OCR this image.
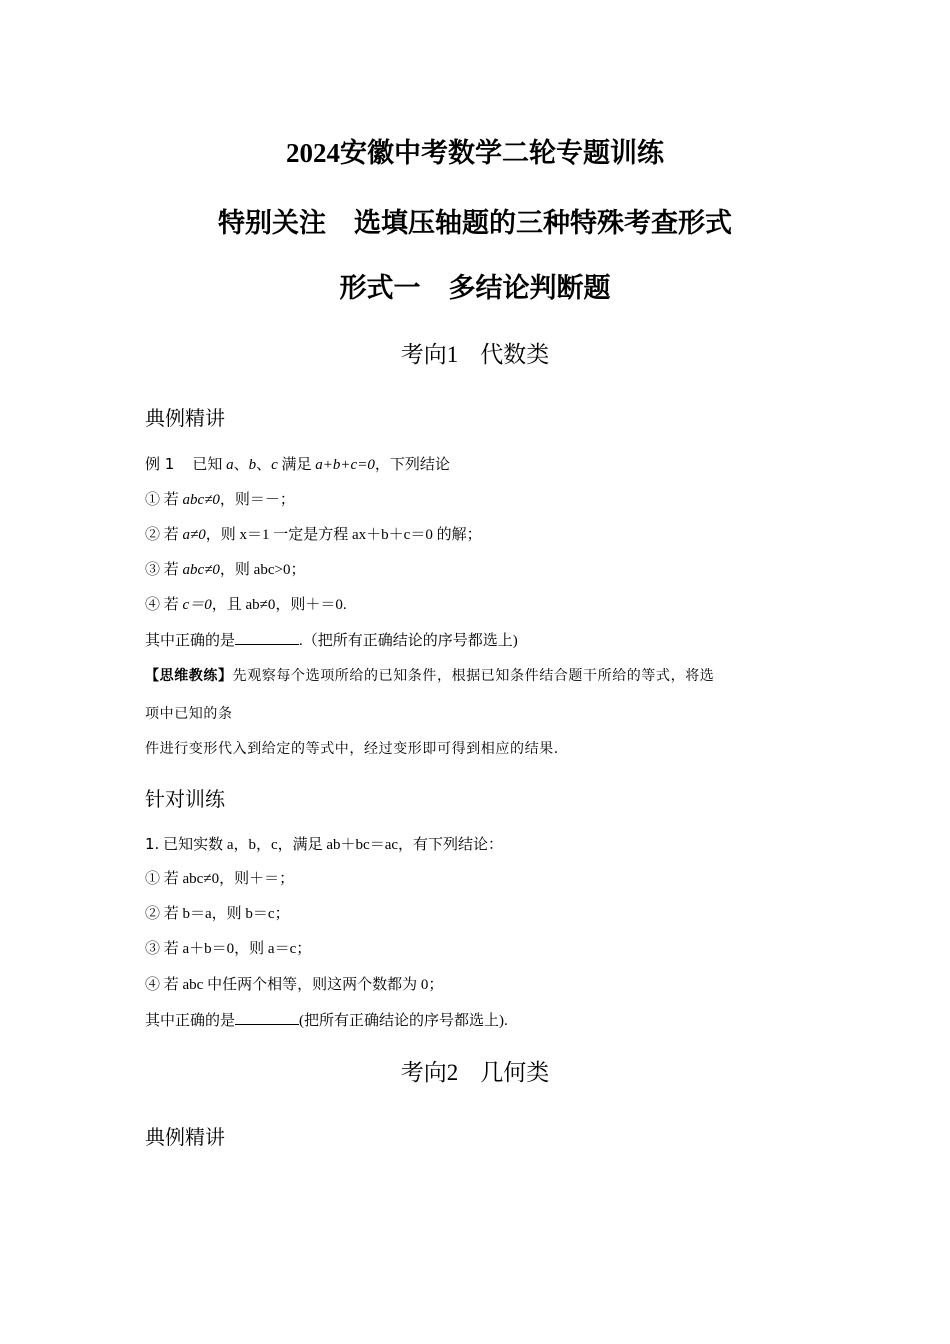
2024安徽中考数学二轮专题训练
特别关注 选填压轴题的三种特殊考查形式
形式一 多结论判断题
考向1 代数类
典例精讲
例 1 已知 a、b、c 满足 a+b+c=0，下列结论
① 若 abc≠0，则＝－；
② 若 a≠0，则 x＝1 一定是方程 ax＋b＋c＝0 的解；
③ 若 abc≠0，则 abc>0；
④ 若 c＝0，且 ab≠0，则＋＝0.
其中正确的是	.（把所有正确结论的序号都选上)
【思维教练】先观察每个选项所给的已知条件，根据已知条件结合题干所给的等式，将选
项中已知的条
件进行变形代入到给定的等式中，经过变形即可得到相应的结果.
针对训练
1. 已知实数 a，b，c，满足 ab＋bc＝ac，有下列结论：
① 若 abc≠0，则＋＝；
② 若 b＝a，则 b＝c；
③ 若 a＋b＝0，则 a＝c；
④ 若 abc 中任两个相等，则这两个数都为 0；
其中正确的是	(把所有正确结论的序号都选上).
考向2 几何类
典例精讲
